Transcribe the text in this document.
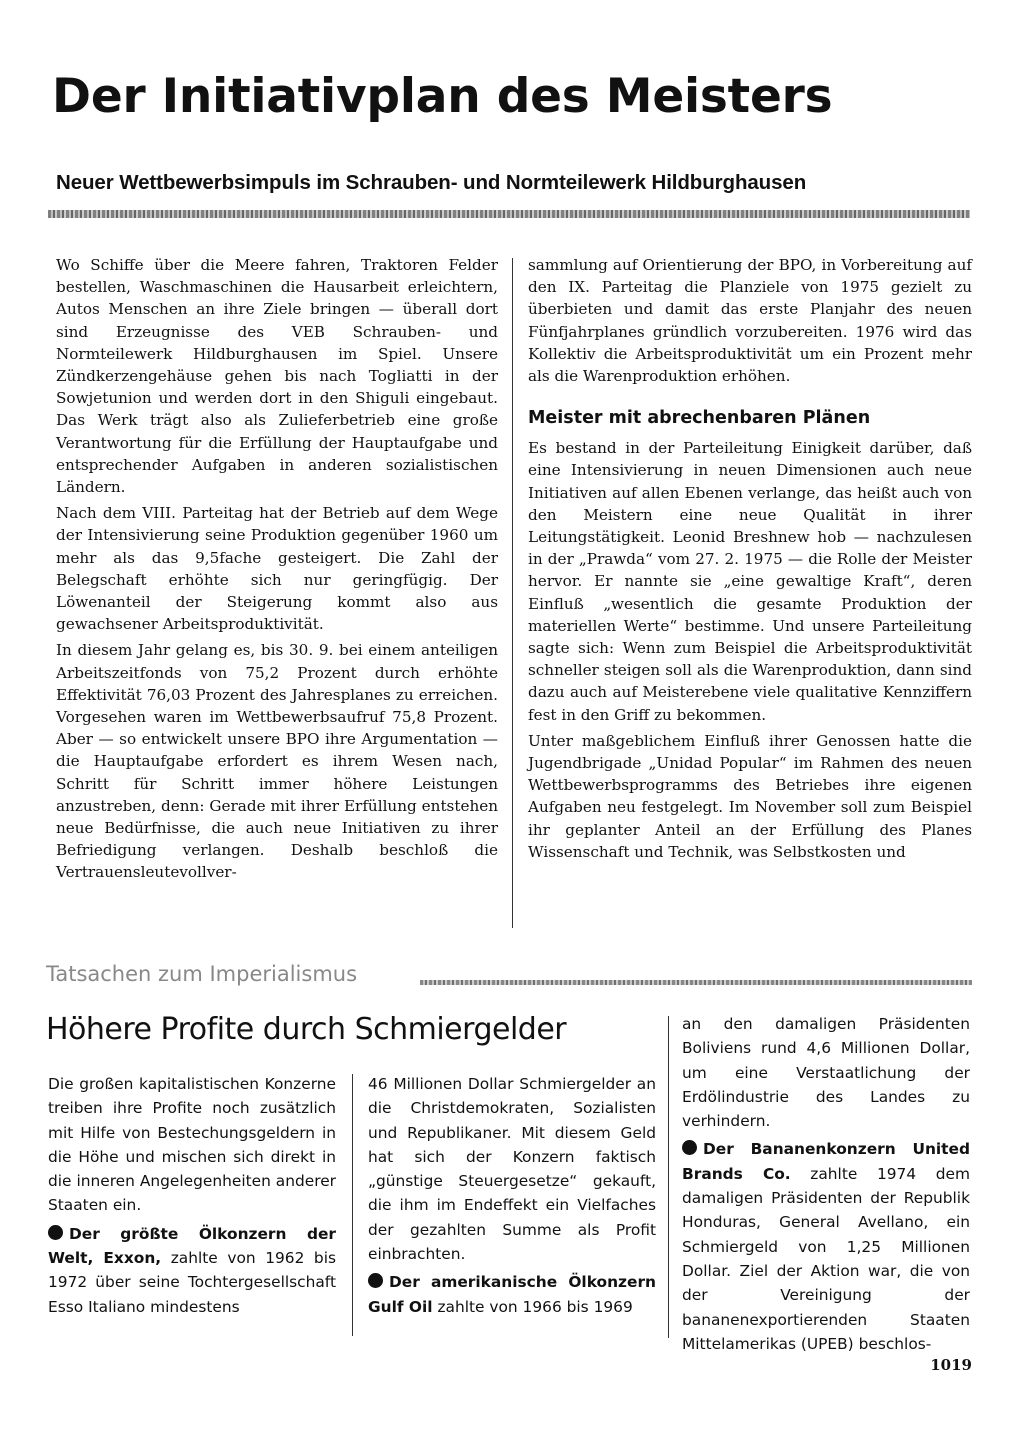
Der Initiativplan des Meisters
Neuer Wettbewerbsimpuls im Schrauben- und Normteilewerk Hildburghausen

Wo Schiffe über die Meere fahren, Traktoren Felder bestellen, Waschmaschinen die Hausarbeit erleichtern, Autos Menschen an ihre Ziele bringen — überall dort sind Erzeugnisse des VEB Schrauben- und Normteilewerk Hildburghausen im Spiel. Unsere Zündkerzengehäuse gehen bis nach Togliatti in der Sowjetunion und werden dort in den Shiguli eingebaut. Das Werk trägt also als Zulieferbetrieb eine große Verantwortung für die Erfüllung der Hauptaufgabe und entsprechender Aufgaben in anderen sozialistischen Ländern.

Nach dem VIII. Parteitag hat der Betrieb auf dem Wege der Intensivierung seine Produktion gegenüber 1960 um mehr als das 9,5fache gesteigert. Die Zahl der Belegschaft erhöhte sich nur geringfügig. Der Löwenanteil der Steigerung kommt also aus gewachsener Arbeitsproduktivität.

In diesem Jahr gelang es, bis 30. 9. bei einem anteiligen Arbeitszeitfonds von 75,2 Prozent durch erhöhte Effektivität 76,03 Prozent des Jahresplanes zu erreichen. Vorgesehen waren im Wettbewerbsaufruf 75,8 Prozent. Aber — so entwickelt unsere BPO ihre Argumentation — die Hauptaufgabe erfordert es ihrem Wesen nach, Schritt für Schritt immer höhere Leistungen anzustreben, denn: Gerade mit ihrer Erfüllung entstehen neue Bedürfnisse, die auch neue Initiativen zu ihrer Befriedigung verlangen. Deshalb beschloß die Vertrauensleutevollver-

sammlung auf Orientierung der BPO, in Vorbereitung auf den IX. Parteitag die Planziele von 1975 gezielt zu überbieten und damit das erste Planjahr des neuen Fünfjahrplanes gründlich vorzubereiten. 1976 wird das Kollektiv die Arbeitsproduktivität um ein Prozent mehr als die Warenproduktion erhöhen.

Meister mit abrechenbaren Plänen

Es bestand in der Parteileitung Einigkeit darüber, daß eine Intensivierung in neuen Dimensionen auch neue Initiativen auf allen Ebenen verlange, das heißt auch von den Meistern eine neue Qualität in ihrer Leitungstätigkeit. Leonid Breshnew hob — nachzulesen in der „Prawda“ vom 27. 2. 1975 — die Rolle der Meister hervor. Er nannte sie „eine gewaltige Kraft“, deren Einfluß „wesentlich die gesamte Produktion der materiellen Werte“ bestimme. Und unsere Parteileitung sagte sich: Wenn zum Beispiel die Arbeitsproduktivität schneller steigen soll als die Warenproduktion, dann sind dazu auch auf Meisterebene viele qualitative Kennziffern fest in den Griff zu bekommen.

Unter maßgeblichem Einfluß ihrer Genossen hatte die Jugendbrigade „Unidad Popular“ im Rahmen des neuen Wettbewerbsprogramms des Betriebes ihre eigenen Aufgaben neu festgelegt. Im November soll zum Beispiel ihr geplanter Anteil an der Erfüllung des Planes Wissenschaft und Technik, was Selbstkosten und

Tatsachen zum Imperialismus

Höhere Profite durch Schmiergelder

Die großen kapitalistischen Konzerne treiben ihre Profite noch zusätzlich mit Hilfe von Bestechungsgeldern in die Höhe und mischen sich direkt in die inneren Angelegenheiten anderer Staaten ein.

Der größte Ölkonzern der Welt, Exxon, zahlte von 1962 bis 1972 über seine Tochtergesellschaft Esso Italiano mindestens

46 Millionen Dollar Schmiergelder an die Christdemokraten, Sozialisten und Republikaner. Mit diesem Geld hat sich der Konzern faktisch „günstige Steuergesetze“ gekauft, die ihm im Endeffekt ein Vielfaches der gezahlten Summe als Profit einbrachten.

Der amerikanische Ölkonzern Gulf Oil zahlte von 1966 bis 1969

an den damaligen Präsidenten Boliviens rund 4,6 Millionen Dollar, um eine Verstaatlichung der Erdölindustrie des Landes zu verhindern.

Der Bananenkonzern United Brands Co. zahlte 1974 dem damaligen Präsidenten der Republik Honduras, General Avellano, ein Schmiergeld von 1,25 Millionen Dollar. Ziel der Aktion war, die von der Vereinigung der bananenexportierenden Staaten Mittelamerikas (UPEB) beschlos-

1019
